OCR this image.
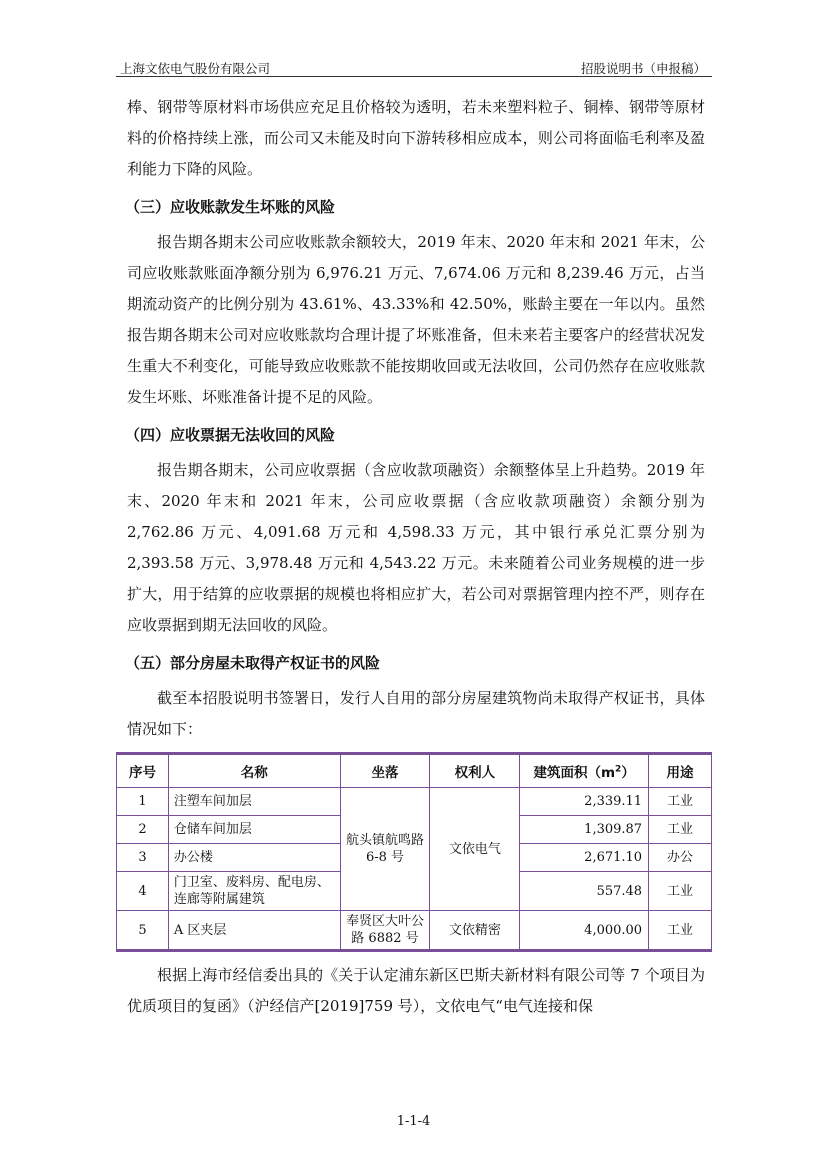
上海文依电气股份有限公司	招股说明书（申报稿）

棒、钢带等原材料市场供应充足且价格较为透明，若未来塑料粒子、铜棒、钢带等原材料的价格持续上涨，而公司又未能及时向下游转移相应成本，则公司将面临毛利率及盈利能力下降的风险。

（三）应收账款发生坏账的风险

报告期各期末公司应收账款余额较大，2019 年末、2020 年末和 2021 年末，公司应收账款账面净额分别为 6,976.21 万元、7,674.06 万元和 8,239.46 万元，占当期流动资产的比例分别为 43.61%、43.33%和 42.50%，账龄主要在一年以内。虽然报告期各期末公司对应收账款均合理计提了坏账准备，但未来若主要客户的经营状况发生重大不利变化，可能导致应收账款不能按期收回或无法收回，公司仍然存在应收账款发生坏账、坏账准备计提不足的风险。

（四）应收票据无法收回的风险

报告期各期末，公司应收票据（含应收款项融资）余额整体呈上升趋势。2019 年末、2020 年末和 2021 年末，公司应收票据（含应收款项融资）余额分别为 2,762.86 万元、4,091.68 万元和 4,598.33 万元，其中银行承兑汇票分别为 2,393.58 万元、3,978.48 万元和 4,543.22 万元。未来随着公司业务规模的进一步扩大，用于结算的应收票据的规模也将相应扩大，若公司对票据管理内控不严，则存在应收票据到期无法回收的风险。

（五）部分房屋未取得产权证书的风险

截至本招股说明书签署日，发行人自用的部分房屋建筑物尚未取得产权证书，具体情况如下：

序号	名称	坐落	权利人	建筑面积$(m^2)$	用途
1	注塑车间加层	航头镇航鸣路 6-8 号	文依电气	2,339.11	工业
2	仓储车间加层			1,309.87	工业
3	办公楼			2,671.10	办公
4	门卫室、废料房、配电房、连廊等附属建筑			557.48	工业
5	A 区夹层	奉贤区大叶公路 6882 号	文依精密	4,000.00	工业

根据上海市经信委出具的《关于认定浦东新区巴斯夫新材料有限公司等 7 个项目为优质项目的复函》（沪经信产[2019]759 号），文依电气“电气连接和保

1-1-4
